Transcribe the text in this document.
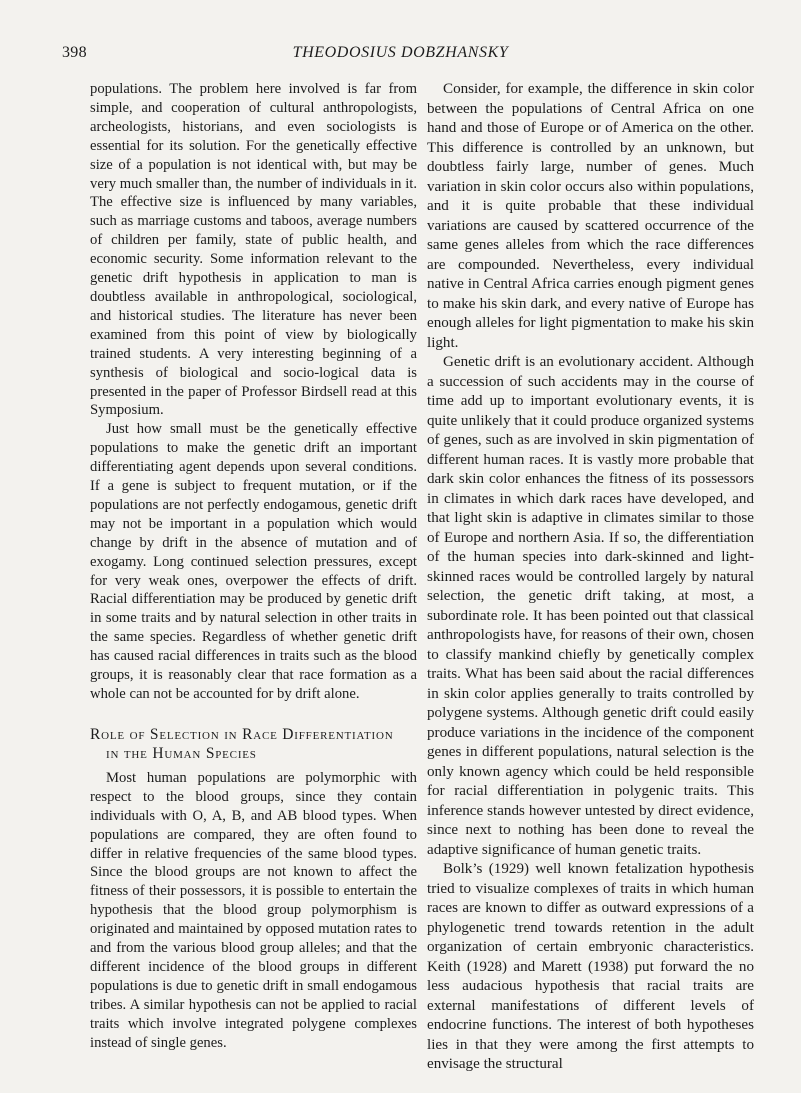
398	THEODOSIUS DOBZHANSKY

populations. The problem here involved is far from simple, and cooperation of cultural anthropologists, archeologists, historians, and even sociologists is essential for its solution. For the genetically effective size of a population is not identical with, but may be very much smaller than, the number of individuals in it. The effective size is influenced by many variables, such as marriage customs and taboos, average numbers of children per family, state of public health, and economic security. Some information relevant to the genetic drift hypothesis in application to man is doubtless available in anthropological, sociological, and historical studies. The literature has never been examined from this point of view by biologically trained students. A very interesting beginning of a synthesis of biological and socio-logical data is presented in the paper of Professor Birdsell read at this Symposium.

Just how small must be the genetically effective populations to make the genetic drift an important differentiating agent depends upon several conditions. If a gene is subject to frequent mutation, or if the populations are not perfectly endogamous, genetic drift may not be important in a population which would change by drift in the absence of mutation and of exogamy. Long continued selection pressures, except for very weak ones, overpower the effects of drift. Racial differentiation may be produced by genetic drift in some traits and by natural selection in other traits in the same species. Regardless of whether genetic drift has caused racial differences in traits such as the blood groups, it is reasonably clear that race formation as a whole can not be accounted for by drift alone.

Role of Selection in Race Differentiation
in the Human Species

Most human populations are polymorphic with respect to the blood groups, since they contain individuals with O, A, B, and AB blood types. When populations are compared, they are often found to differ in relative frequencies of the same blood types. Since the blood groups are not known to affect the fitness of their possessors, it is possible to entertain the hypothesis that the blood group polymorphism is originated and maintained by opposed mutation rates to and from the various blood group alleles; and that the different incidence of the blood groups in different populations is due to genetic drift in small endogamous tribes. A similar hypothesis can not be applied to racial traits which involve integrated polygene complexes instead of single genes.

Consider, for example, the difference in skin color between the populations of Central Africa on one hand and those of Europe or of America on the other. This difference is controlled by an unknown, but doubtless fairly large, number of genes. Much variation in skin color occurs also within populations, and it is quite probable that these individual variations are caused by scattered occurrence of the same genes alleles from which the race differences are compounded. Nevertheless, every individual native in Central Africa carries enough pigment genes to make his skin dark, and every native of Europe has enough alleles for light pigmentation to make his skin light.

Genetic drift is an evolutionary accident. Although a succession of such accidents may in the course of time add up to important evolutionary events, it is quite unlikely that it could produce organized systems of genes, such as are involved in skin pigmentation of different human races. It is vastly more probable that dark skin color enhances the fitness of its possessors in climates in which dark races have developed, and that light skin is adaptive in climates similar to those of Europe and northern Asia. If so, the differentiation of the human species into dark-skinned and light-skinned races would be controlled largely by natural selection, the genetic drift taking, at most, a subordinate role. It has been pointed out that classical anthropologists have, for reasons of their own, chosen to classify mankind chiefly by genetically complex traits. What has been said about the racial differences in skin color applies generally to traits controlled by polygene systems. Although genetic drift could easily produce variations in the incidence of the component genes in different populations, natural selection is the only known agency which could be held responsible for racial differentiation in polygenic traits. This inference stands however untested by direct evidence, since next to nothing has been done to reveal the adaptive significance of human genetic traits.

Bolk’s (1929) well known fetalization hypothesis tried to visualize complexes of traits in which human races are known to differ as outward expressions of a phylogenetic trend towards retention in the adult organization of certain embryonic characteristics. Keith (1928) and Marett (1938) put forward the no less audacious hypothesis that racial traits are external manifestations of different levels of endocrine functions. The interest of both hypotheses lies in that they were among the first attempts to envisage the structural
